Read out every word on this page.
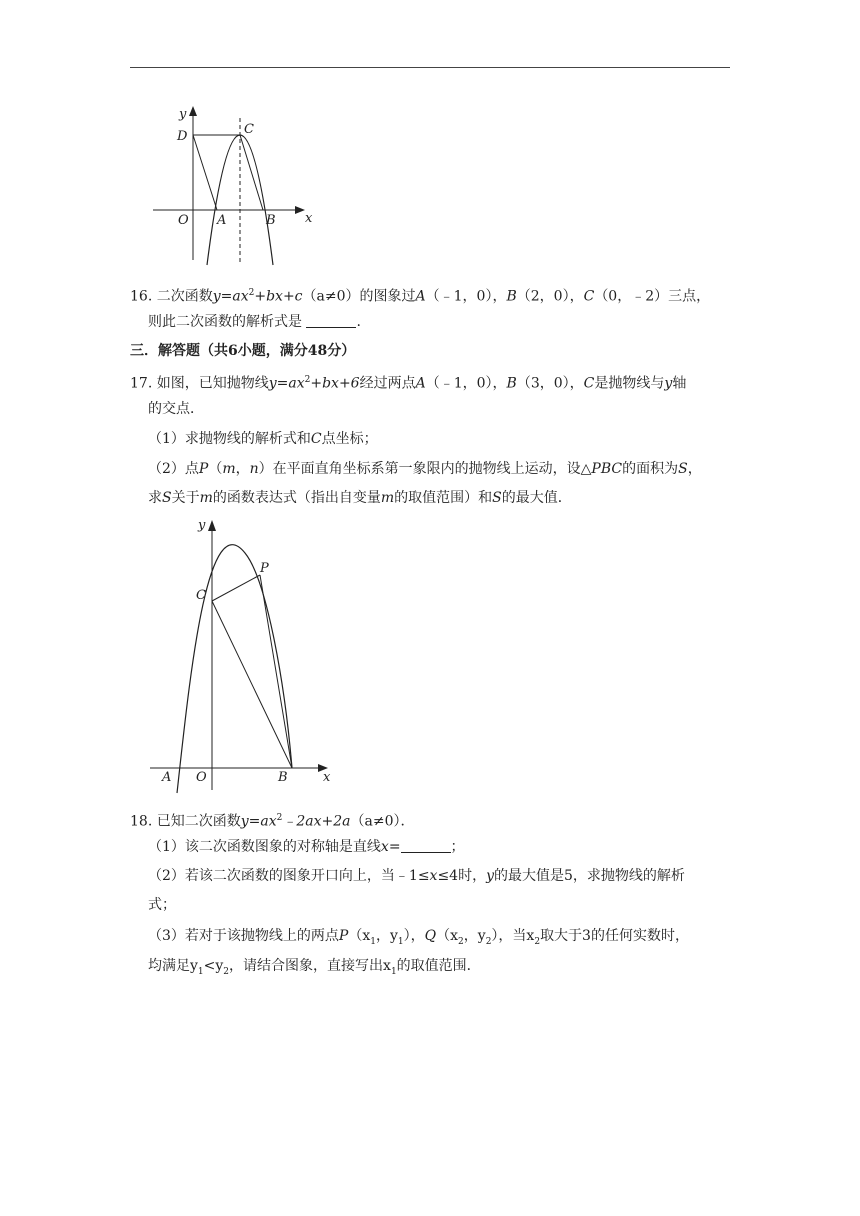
y
D	C
O A	B x
16. 二次函数$y=ax^2+bx+c(a\ne 0)$的图象过A（﹣1，0），B（2，0），C（0，﹣2）三点，
则此二次函数的解析式是	.
三．解答题（共6小题，满分48分）
17. 如图，已知抛物线$y=ax^2+bx+6$经过两点A（﹣1，0），B（3，0），C是抛物线与y轴
的交点．
（1）求抛物线的解析式和C点坐标；
（2）点P（m，n）在平面直角坐标系第一象限内的抛物线上运动，设△PBC的面积为S，
求S关于m的函数表达式（指出自变量m的取值范围）和S的最大值．
y
C
P
A O	B	x
18. 已知二次函数$y=ax^2﹣2ax+2a(a\ne 0)$．
（1）该二次函数图象的对称轴是直线x=	；
（2）若该二次函数的图象开口向上，当﹣1≤x≤4时，y的最大值是5，求抛物线的解析
式；
（3）若对于该抛物线上的两点$P(x_1$，$y_1$），$Q(x_2$，$y_2$），当$x_2$取大于3的任何实数时，
均满足$y_1<y_2$，请结合图象，直接写出$x_1$的取值范围．
